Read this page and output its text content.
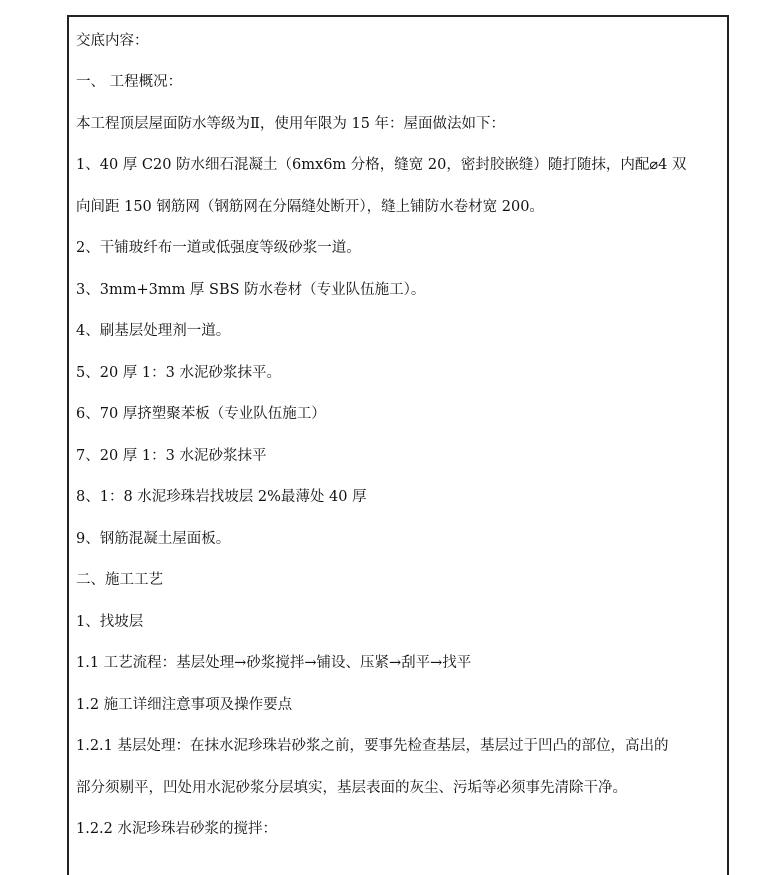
交底内容：
一、 工程概况：
本工程顶层屋面防水等级为Ⅱ，使用年限为 15 年：屋面做法如下：
1、40 厚 C20 防水细石混凝土（6mx6m 分格，缝宽 20，密封胶嵌缝）随打随抹，内配⌀4 双
向间距 150 钢筋网（钢筋网在分隔缝处断开），缝上铺防水卷材宽 200。
2、干铺玻纤布一道或低强度等级砂浆一道。
3、3mm+3mm 厚 SBS 防水卷材（专业队伍施工）。
4、刷基层处理剂一道。
5、20 厚 1：3 水泥砂浆抹平。
6、70 厚挤塑聚苯板（专业队伍施工）
7、20 厚 1：3 水泥砂浆抹平
8、1：8 水泥珍珠岩找坡层 2%最薄处 40 厚
9、钢筋混凝土屋面板。
二、施工工艺
1、找坡层
1.1 工艺流程：基层处理→砂浆搅拌→铺设、压紧→刮平→找平
1.2 施工详细注意事项及操作要点
1.2.1 基层处理：在抹水泥珍珠岩砂浆之前，要事先检查基层，基层过于凹凸的部位，高出的
部分须剔平，凹处用水泥砂浆分层填实，基层表面的灰尘、污垢等必须事先清除干净。
1.2.2 水泥珍珠岩砂浆的搅拌：
